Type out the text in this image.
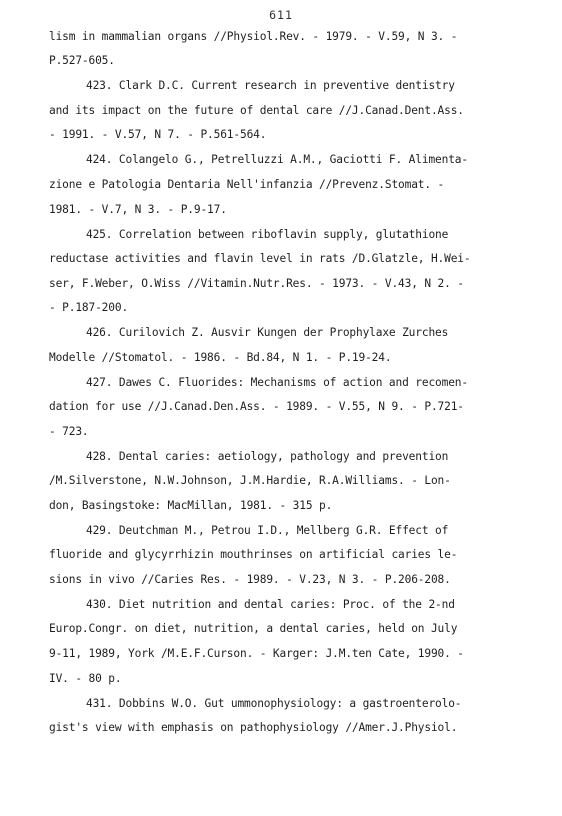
611
lism in mammalian organs //Physiol.Rev. - 1979. - V.59, N 3. -
P.527-605.
423. Clark D.C. Current research in preventive dentistry
and its impact on the future of dental care //J.Canad.Dent.Ass.
- 1991. - V.57, N 7. - P.561-564.
424. Colangelo G., Petrelluzzi A.M., Gaciotti F. Alimenta-
zione e Patologia Dentaria Nell'infanzia //Prevenz.Stomat. -
1981. - V.7, N 3. - P.9-17.
425. Correlation between riboflavin supply, glutathione
reductase activities and flavin level in rats /D.Glatzle, H.Wei-
ser, F.Weber, O.Wiss //Vitamin.Nutr.Res. - 1973. - V.43, N 2. -
- P.187-200.
426. Curilovich Z. Ausvir Kungen der Prophylaxe Zurches
Modelle //Stomatol. - 1986. - Bd.84, N 1. - P.19-24.
427. Dawes C. Fluorides: Mechanisms of action and recomen-
dation for use //J.Canad.Den.Ass. - 1989. - V.55, N 9. - P.721-
- 723.
428. Dental caries: aetiology, pathology and prevention
/M.Silverstone, N.W.Johnson, J.M.Hardie, R.A.Williams. - Lon-
don, Basingstoke: MacMillan, 1981. - 315 p.
429. Deutchman M., Petrou I.D., Mellberg G.R. Effect of
fluoride and glycyrrhizin mouthrinses on artificial caries le-
sions in vivo //Caries Res. - 1989. - V.23, N 3. - P.206-208.
430. Diet nutrition and dental caries: Proc. of the 2-nd
Europ.Congr. on diet, nutrition, a dental caries, held on July
9-11, 1989, York /M.E.F.Curson. - Karger: J.M.ten Cate, 1990. -
IV. - 80 p.
431. Dobbins W.O. Gut ummonophysiology: a gastroenterolo-
gist's view with emphasis on pathophysiology //Amer.J.Physiol.
